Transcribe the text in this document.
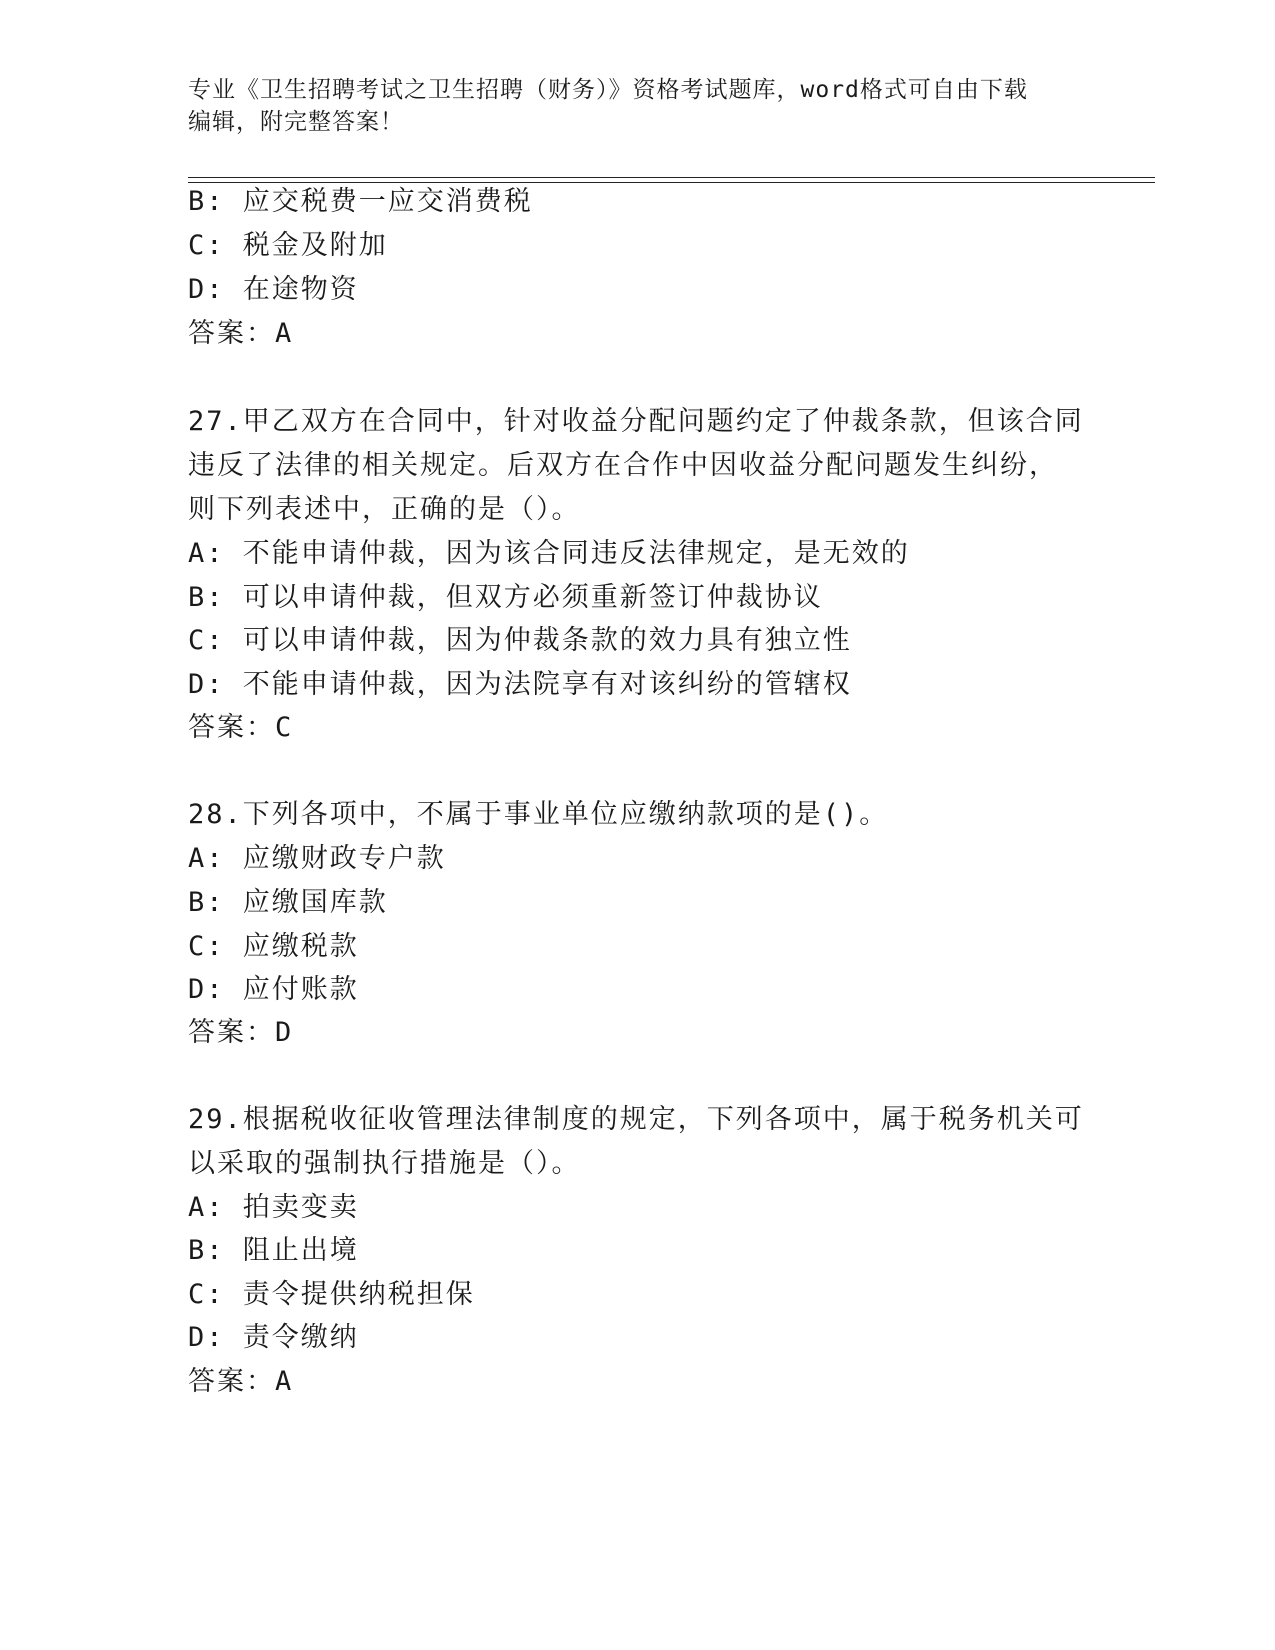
专业《卫生招聘考试之卫生招聘（财务）》资格考试题库，word格式可自由下载
编辑，附完整答案！
B: 应交税费一应交消费税
C: 税金及附加
D: 在途物资
答案：A
27.甲乙双方在合同中，针对收益分配问题约定了仲裁条款，但该合同
违反了法律的相关规定。后双方在合作中因收益分配问题发生纠纷，
则下列表述中，正确的是（）。
A: 不能申请仲裁，因为该合同违反法律规定，是无效的
B: 可以申请仲裁，但双方必须重新签订仲裁协议
C: 可以申请仲裁，因为仲裁条款的效力具有独立性
D: 不能申请仲裁，因为法院享有对该纠纷的管辖权
答案：C
28.下列各项中，不属于事业单位应缴纳款项的是()。
A: 应缴财政专户款
B: 应缴国库款
C: 应缴税款
D: 应付账款
答案：D
29.根据税收征收管理法律制度的规定，下列各项中，属于税务机关可
以采取的强制执行措施是（）。
A: 拍卖变卖
B: 阻止出境
C: 责令提供纳税担保
D: 责令缴纳
答案：A
